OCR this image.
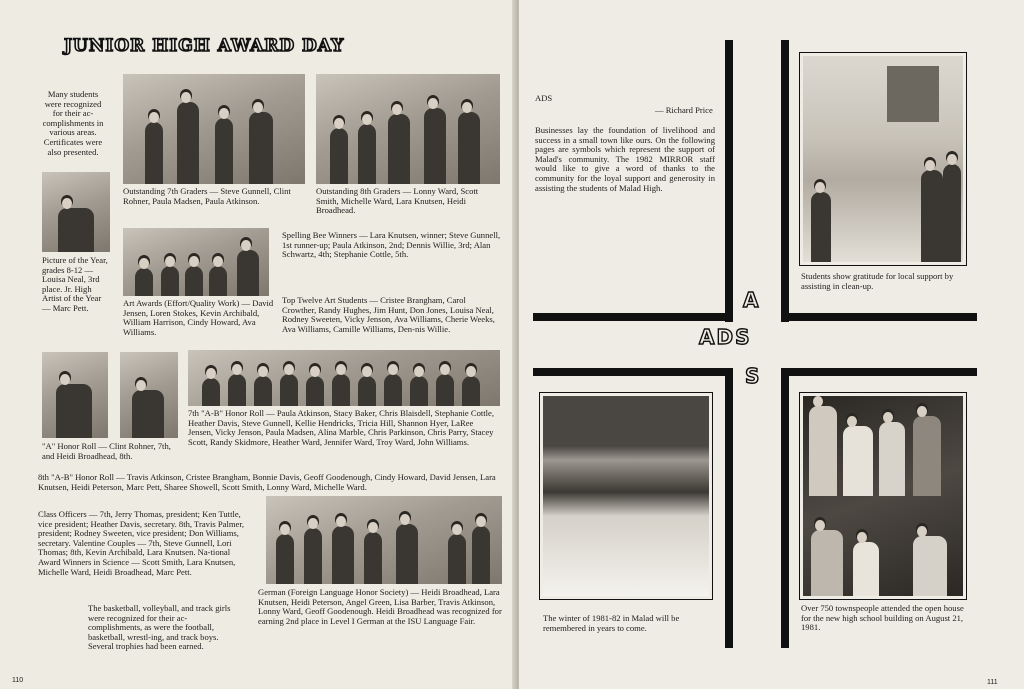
JUNIOR HIGH AWARD DAY
Many students were recognized for their ac-complishments in various areas. Certificates were also presented.
Outstanding 7th Graders — Steve Gunnell, Clint Rohner, Paula Madsen, Paula Atkinson.
Outstanding 8th Graders — Lonny Ward, Scott Smith, Michelle Ward, Lara Knutsen, Heidi Broadhead.
Picture of the Year, grades 8-12 — Louisa Neal, 3rd place. Jr. High Artist of the Year — Marc Pett.
Spelling Bee Winners — Lara Knutsen, winner; Steve Gunnell, 1st runner-up; Paula Atkinson, 2nd; Dennis Willie, 3rd; Alan Schwartz, 4th; Stephanie Cottle, 5th.
Art Awards (Effort/Quality Work) — David Jensen, Loren Stokes, Kevin Archibald, William Harrison, Cindy Howard, Ava Williams.
Top Twelve Art Students — Cristee Brangham, Carol Crowther, Randy Hughes, Jim Hunt, Don Jones, Louisa Neal, Rodney Sweeten, Vicky Jenson, Ava Williams, Cherie Weeks, Ava Williams, Camille Williams, Den-nis Willie.
"A" Honor Roll — Clint Rohner, 7th, and Heidi Broadhead, 8th.
7th "A-B" Honor Roll — Paula Atkinson, Stacy Baker, Chris Blaisdell, Stephanie Cottle, Heather Davis, Steve Gunnell, Kellie Hendricks, Tricia Hill, Shannon Hyer, LaRee Jensen, Vicky Jenson, Paula Madsen, Alina Marble, Chris Parkinson, Chris Parry, Stacey Scott, Randy Skidmore, Heather Ward, Jennifer Ward, Troy Ward, John Williams.
8th "A-B" Honor Roll — Travis Atkinson, Cristee Brangham, Bonnie Davis, Geoff Goodenough, Cindy Howard, David Jensen, Lara Knutsen, Heidi Peterson, Marc Pett, Sharee Showell, Scott Smith, Lonny Ward, Michelle Ward.
Class Officers — 7th, Jerry Thomas, president; Ken Tuttle, vice president; Heather Davis, secretary. 8th, Travis Palmer, president; Rodney Sweeten, vice president; Don Williams, secretary. Valentine Couples — 7th, Steve Gunnell, Lori Thomas; 8th, Kevin Archibald, Lara Knutsen. Na-tional Award Winners in Science — Scott Smith, Lara Knutsen, Michelle Ward, Heidi Broadhead, Marc Pett.
German (Foreign Language Honor Society) — Heidi Broadhead, Lara Knutsen, Heidi Peterson, Angel Green, Lisa Barber, Travis Atkinson, Lonny Ward, Geoff Goodenough. Heidi Broadhead was recognized for earning 2nd place in Level I German at the ISU Language Fair.
The basketball, volleyball, and track girls were recognized for their ac-complishments, as were the football, basketball, wrestl-ing, and track boys. Several trophies had been earned.
110
ADS
— Richard Price
Businesses lay the foundation of livelihood and success in a small town like ours. On the following pages are symbols which represent the support of Malad's community. The 1982 MIRROR staff would like to give a word of thanks to the community for the loyal support and generosity in assisting the students of Malad High.
A
ADS
S
Students show gratitude for local support by assisting in clean-up.
The winter of 1981-82 in Malad will be remembered in years to come.
Over 750 townspeople attended the open house for the new high school building on August 21, 1981.
111
